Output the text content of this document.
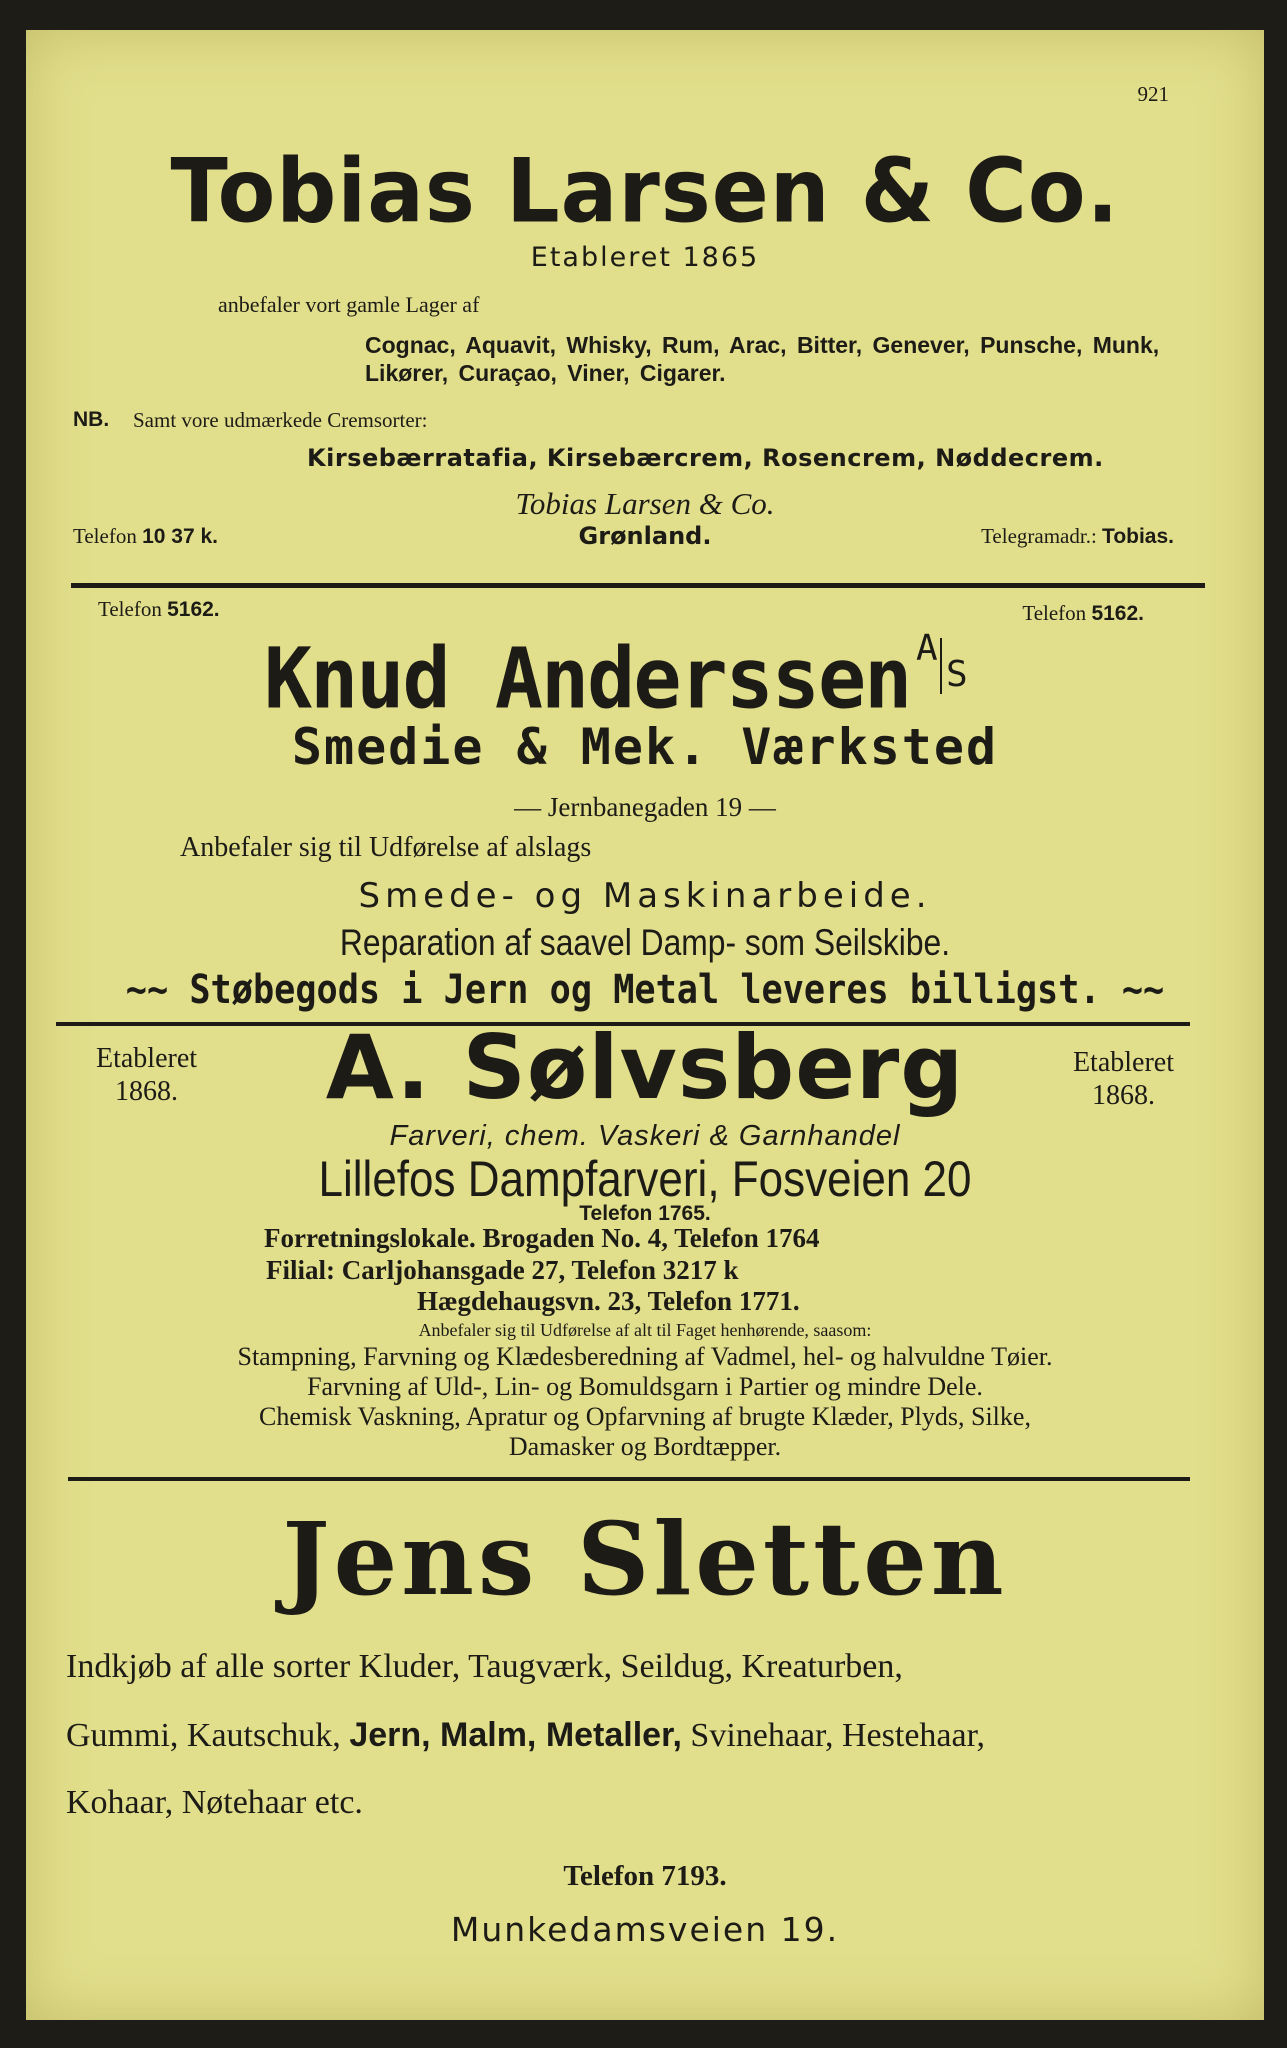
921
Tobias Larsen & Co.
Etableret 1865
anbefaler vort gamle Lager af
Cognac, Aquavit, Whisky, Rum, Arac, Bitter, Genever, Punsche, Munk,
Likører, Curaçao, Viner, Cigarer.
NB. Samt vore udmærkede Cremsorter:
Kirsebærratafia, Kirsebærcrem, Rosencrem, Nøddecrem.
Tobias Larsen & Co.
Grønland.
Telefon 10 37 k.	Telegramadr.: Tobias.
Telefon 5162.	Telefon 5162.
Knud Anderssen A
S
Smedie & Mek. Værksted
— Jernbanegaden 19 —
Anbefaler sig til Udførelse af alslags
Smede- og Maskinarbeide.
Reparation af saavel Damp- som Seilskibe.
~~ Støbegods i Jern og Metal leveres billigst. ~~
Etableret
1868.
Etableret
1868.
A. Sølvsberg
Farveri, chem. Vaskeri & Garnhandel
Lillefos Dampfarveri, Fosveien 20
Telefon 1765.
Forretningslokale. Brogaden No. 4, Telefon 1764
Filial: Carljohansgade 27, Telefon 3217 k
Hægdehaugsvn. 23, Telefon 1771.
Anbefaler sig til Udførelse af alt til Faget henhørende, saasom:
Stampning, Farvning og Klædesberedning af Vadmel, hel- og halvuldne Tøier.
Farvning af Uld-, Lin- og Bomuldsgarn i Partier og mindre Dele.
Chemisk Vaskning, Apratur og Opfarvning af brugte Klæder, Plyds, Silke,
Damasker og Bordtæpper.
Jens Sletten
Indkjøb af alle sorter Kluder, Taugværk, Seildug, Kreaturben,
Gummi, Kautschuk, Jern, Malm, Metaller, Svinehaar, Hestehaar,
Kohaar, Nøtehaar etc.
Telefon 7193.
Munkedamsveien 19.
